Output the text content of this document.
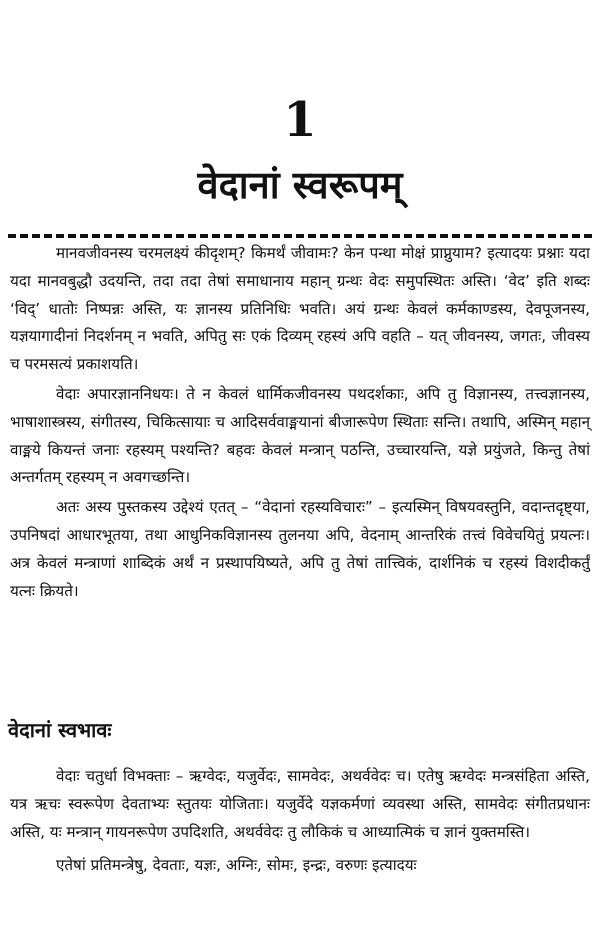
1
वेदानां स्वरूपम्

मानवजीवनस्य चरमलक्ष्यं कीदृशम्? किमर्थं जीवामः? केन पन्था मोक्षं प्राप्नुयाम? इत्यादयः प्रश्नाः यदा यदा मानवबुद्धौ उदयन्ति, तदा तदा तेषां समाधानाय महान् ग्रन्थः वेदः समुपस्थितः अस्ति। ‘वेद’ इति शब्दः ‘विद्’ धातोः निष्पन्नः अस्ति, यः ज्ञानस्य प्रतिनिधिः भवति। अयं ग्रन्थः केवलं कर्मकाण्डस्य, देवपूजनस्य, यज्ञयागादीनां निदर्शनम् न भवति, अपितु सः एकं दिव्यम् रहस्यं अपि वहति – यत् जीवनस्य, जगतः, जीवस्य च परमसत्यं प्रकाशयति।

वेदाः अपारज्ञाननिधयः। ते न केवलं धार्मिकजीवनस्य पथदर्शकाः, अपि तु विज्ञानस्य, तत्त्वज्ञानस्य, भाषाशास्त्रस्य, संगीतस्य, चिकित्सायाः च आदिसर्ववाङ्मयानां बीजारूपेण स्थिताः सन्ति। तथापि, अस्मिन् महान् वाङ्मये कियन्तं जनाः रहस्यम् पश्यन्ति? बहवः केवलं मन्त्रान् पठन्ति, उच्चारयन्ति, यज्ञे प्रयुंजते, किन्तु तेषां अन्तर्गतम् रहस्यम् न अवगच्छन्ति।

अतः अस्य पुस्तकस्य उद्देश्यं एतत् – “वेदानां रहस्यविचारः” – इत्यस्मिन् विषयवस्तुनि, वदान्तदृष्ट्या, उपनिषदां आधारभूतया, तथा आधुनिकविज्ञानस्य तुलनया अपि, वेदनाम् आन्तरिकं तत्त्वं विवेचयितुं प्रयत्नः। अत्र केवलं मन्त्राणां शाब्दिकं अर्थं न प्रस्थापयिष्यते, अपि तु तेषां तात्त्विकं, दार्शनिकं च रहस्यं विशदीकर्तुं यत्नः क्रियते।

वेदानां स्वभावः

वेदाः चतुर्धा विभक्ताः – ऋग्वेदः, यजुर्वेदः, सामवेदः, अथर्ववेदः च। एतेषु ऋग्वेदः मन्त्रसंहिता अस्ति, यत्र ऋचः स्वरूपेण देवताभ्यः स्तुतयः योजिताः। यजुर्वेदे यज्ञकर्मणां व्यवस्था अस्ति, सामवेदः संगीतप्रधानः अस्ति, यः मन्त्रान् गायनरूपेण उपदिशति, अथर्ववेदः तु लौकिकं च आध्यात्मिकं च ज्ञानं युक्तमस्ति।

एतेषां प्रतिमन्त्रेषु, देवताः, यज्ञः, अग्निः, सोमः, इन्द्रः, वरुणः इत्यादयः
